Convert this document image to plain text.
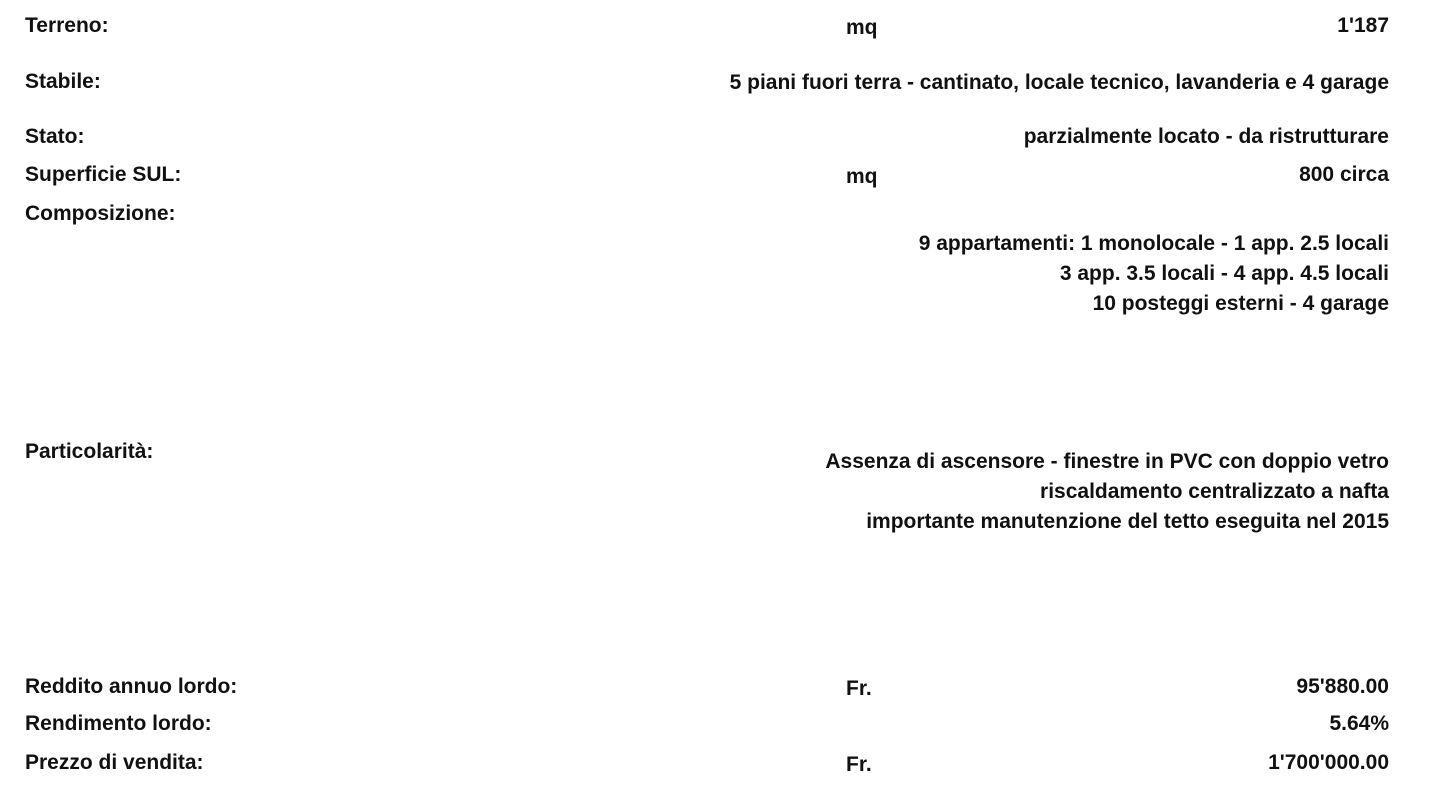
Terreno:	mq	1'187
Stabile:	5 piani fuori terra - cantinato, locale tecnico, lavanderia e 4 garage
Stato:	parzialmente locato - da ristrutturare
Superficie SUL:	mq	800 circa
Composizione:
9 appartamenti: 1 monolocale - 1 app. 2.5 locali
3 app. 3.5 locali - 4 app. 4.5 locali
10 posteggi esterni - 4 garage
Particolarità:	Assenza di ascensore - finestre in PVC con doppio vetro
riscaldamento centralizzato a nafta
importante manutenzione del tetto eseguita nel 2015
Reddito annuo lordo:	Fr.	95'880.00
Rendimento lordo:	5.64%
Prezzo di vendita:	Fr.	1'700'000.00
